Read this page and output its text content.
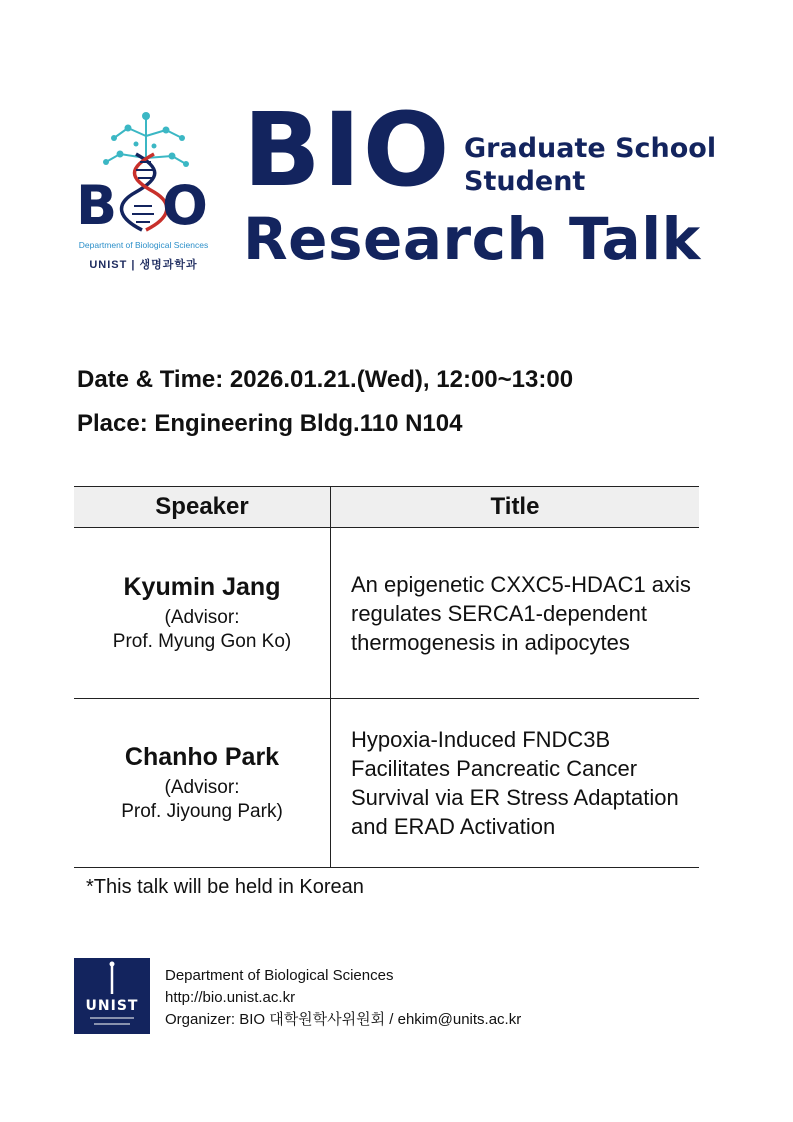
B O
Department of Biological Sciences
UNIST | 생명과학과
BIO Graduate School
Student
Research Talk
Date & Time: 2026.01.21.(Wed), 12:00~13:00
Place: Engineering Bldg.110 N104
Speaker	Title

Kyumin Jang
(Advisor:
Prof. Myung Gon Ko)	An epigenetic CXXC5-HDAC1 axis regulates SERCA1-dependent thermogenesis in adipocytes

Chanho Park
(Advisor:
Prof. Jiyoung Park)	Hypoxia-Induced FNDC3B Facilitates Pancreatic Cancer Survival via ER Stress Adaptation and ERAD Activation
*This talk will be held in Korean
UNIST
Department of Biological Sciences
http://bio.unist.ac.kr
Organizer: BIO 대학원학사위원회 / ehkim@units.ac.kr
